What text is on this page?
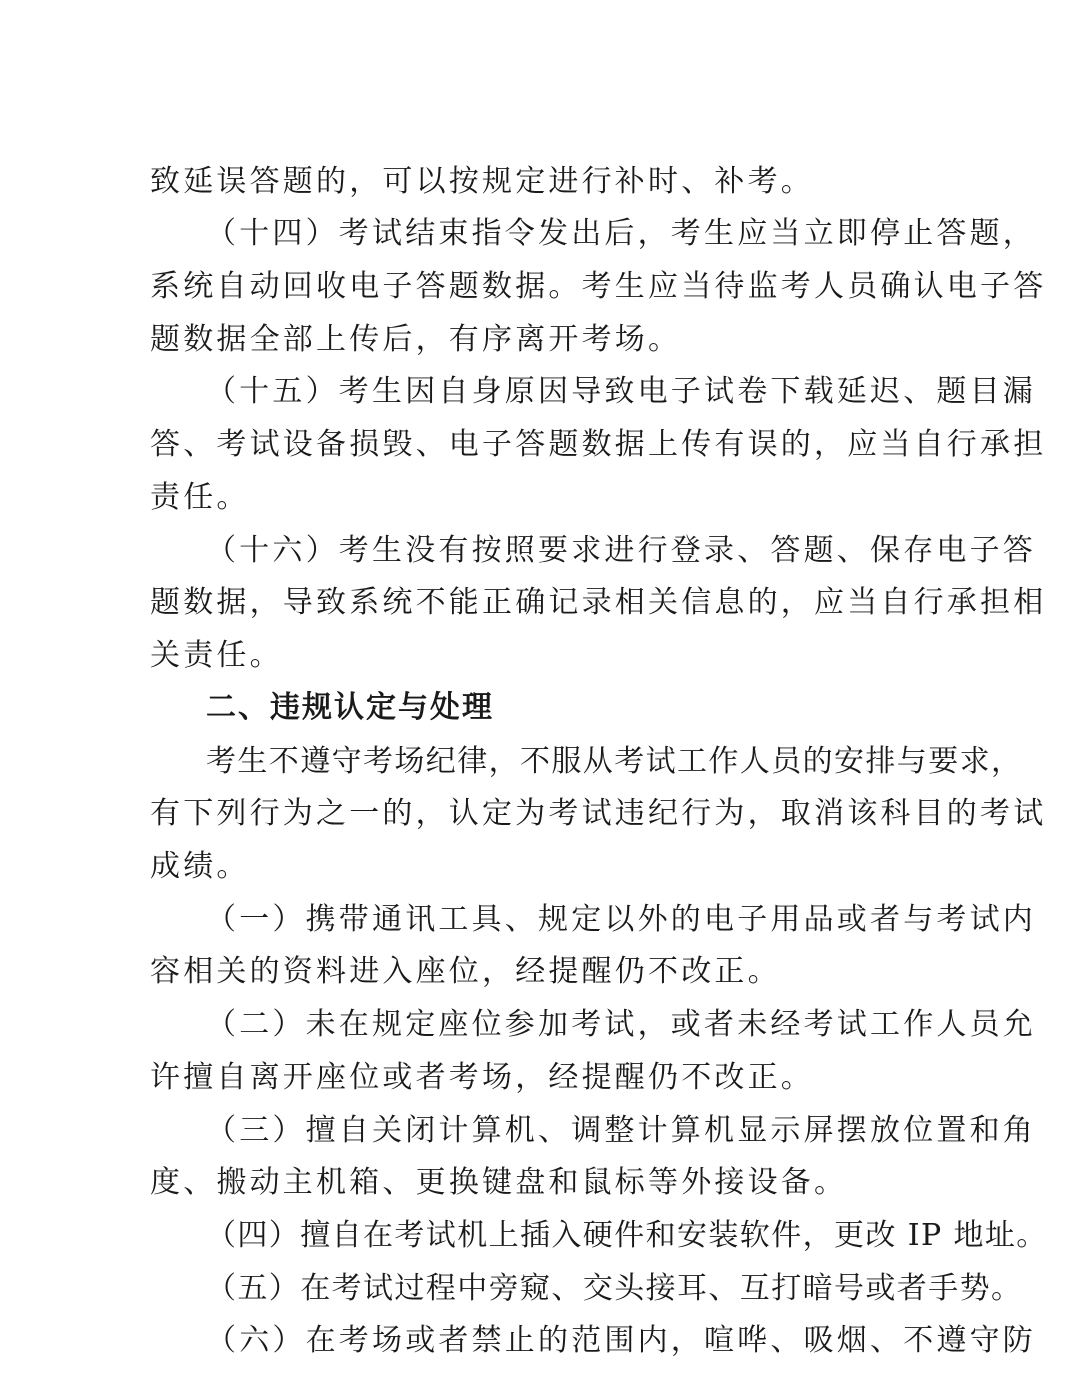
致延误答题的，可以按规定进行补时、补考。
（十四）考试结束指令发出后，考生应当立即停止答题，
系统自动回收电子答题数据。考生应当待监考人员确认电子答
题数据全部上传后，有序离开考场。
（十五）考生因自身原因导致电子试卷下载延迟、题目漏
答、考试设备损毁、电子答题数据上传有误的，应当自行承担
责任。
（十六）考生没有按照要求进行登录、答题、保存电子答
题数据，导致系统不能正确记录相关信息的，应当自行承担相
关责任。
二、违规认定与处理
考生不遵守考场纪律，不服从考试工作人员的安排与要求，
有下列行为之一的，认定为考试违纪行为，取消该科目的考试
成绩。
（一）携带通讯工具、规定以外的电子用品或者与考试内
容相关的资料进入座位，经提醒仍不改正。
（二）未在规定座位参加考试，或者未经考试工作人员允
许擅自离开座位或者考场，经提醒仍不改正。
（三）擅自关闭计算机、调整计算机显示屏摆放位置和角
度、搬动主机箱、更换键盘和鼠标等外接设备。
（四）擅自在考试机上插入硬件和安装软件，更改 IP 地址。
（五）在考试过程中旁窥、交头接耳、互打暗号或者手势。
（六）在考场或者禁止的范围内，喧哗、吸烟、不遵守防
